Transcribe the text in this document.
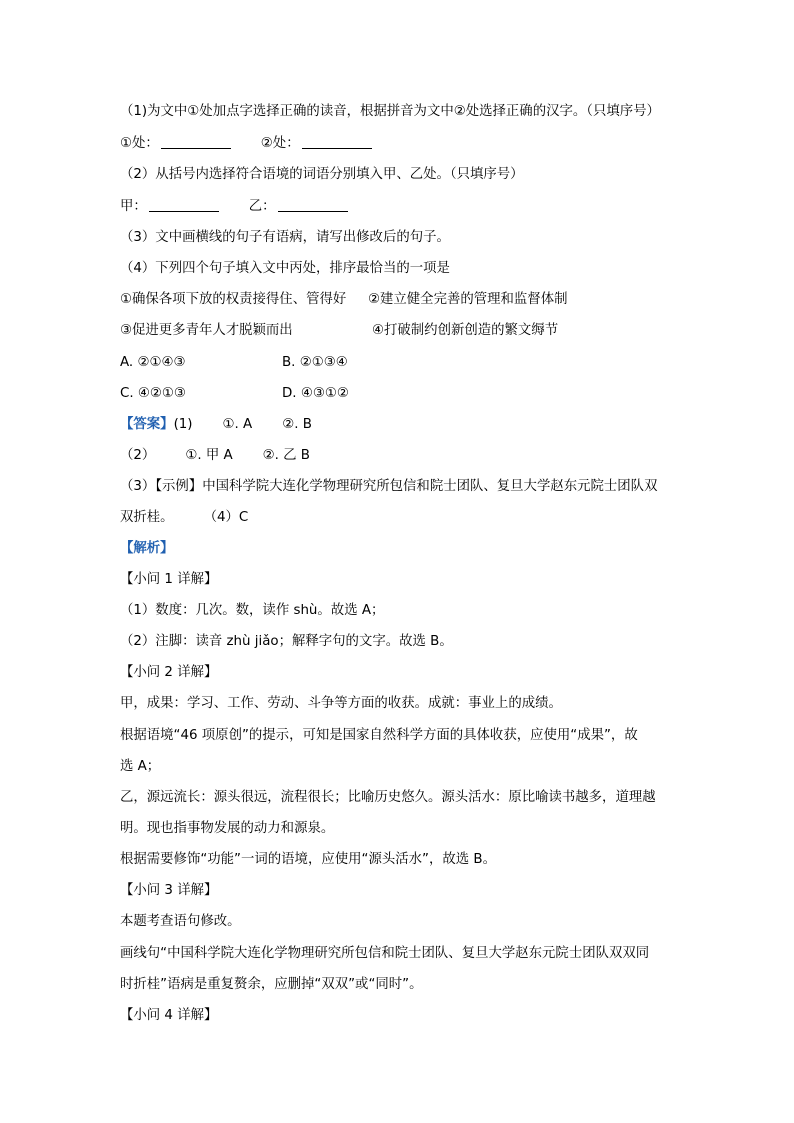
（1)为文中①处加点字选择正确的读音，根据拼音为文中②处选择正确的汉字。（只填序号）
①处：	②处：
（2）从括号内选择符合语境的词语分别填入甲、乙处。（只填序号）
甲：	乙：
（3）文中画横线的句子有语病，请写出修改后的句子。
（4）下列四个句子填入文中丙处，排序最恰当的一项是
①确保各项下放的权责接得住、管得好 ②建立健全完善的管理和监督体制
③促进更多青年人才脱颖而出	④打破制约创新创造的繁文缛节
A. ②①④③	B. ②①③④
C. ④②①③	D. ④③①②
【答案】(1) ①. A ②. B
（2） ①. 甲 A ②. 乙 B
（3）【示例】中国科学院大连化学物理研究所包信和院士团队、复旦大学赵东元院士团队双
双折桂。 （4）C
【解析】
【小问 1 详解】
（1）数度：几次。数，读作 shù。故选 A；
（2）注脚：读音 zhù jiǎo；解释字句的文字。故选 B。
【小问 2 详解】
甲，成果：学习、工作、劳动、斗争等方面的收获。成就：事业上的成绩。
根据语境“46 项原创”的提示，可知是国家自然科学方面的具体收获，应使用“成果”，故
选 A；
乙，源远流长：源头很远，流程很长；比喻历史悠久。源头活水：原比喻读书越多，道理越
明。现也指事物发展的动力和源泉。
根据需要修饰“功能”一词的语境，应使用“源头活水”，故选 B。
【小问 3 详解】
本题考查语句修改。
画线句“中国科学院大连化学物理研究所包信和院士团队、复旦大学赵东元院士团队双双同
时折桂”语病是重复赘余，应删掉“双双”或“同时”。
【小问 4 详解】
